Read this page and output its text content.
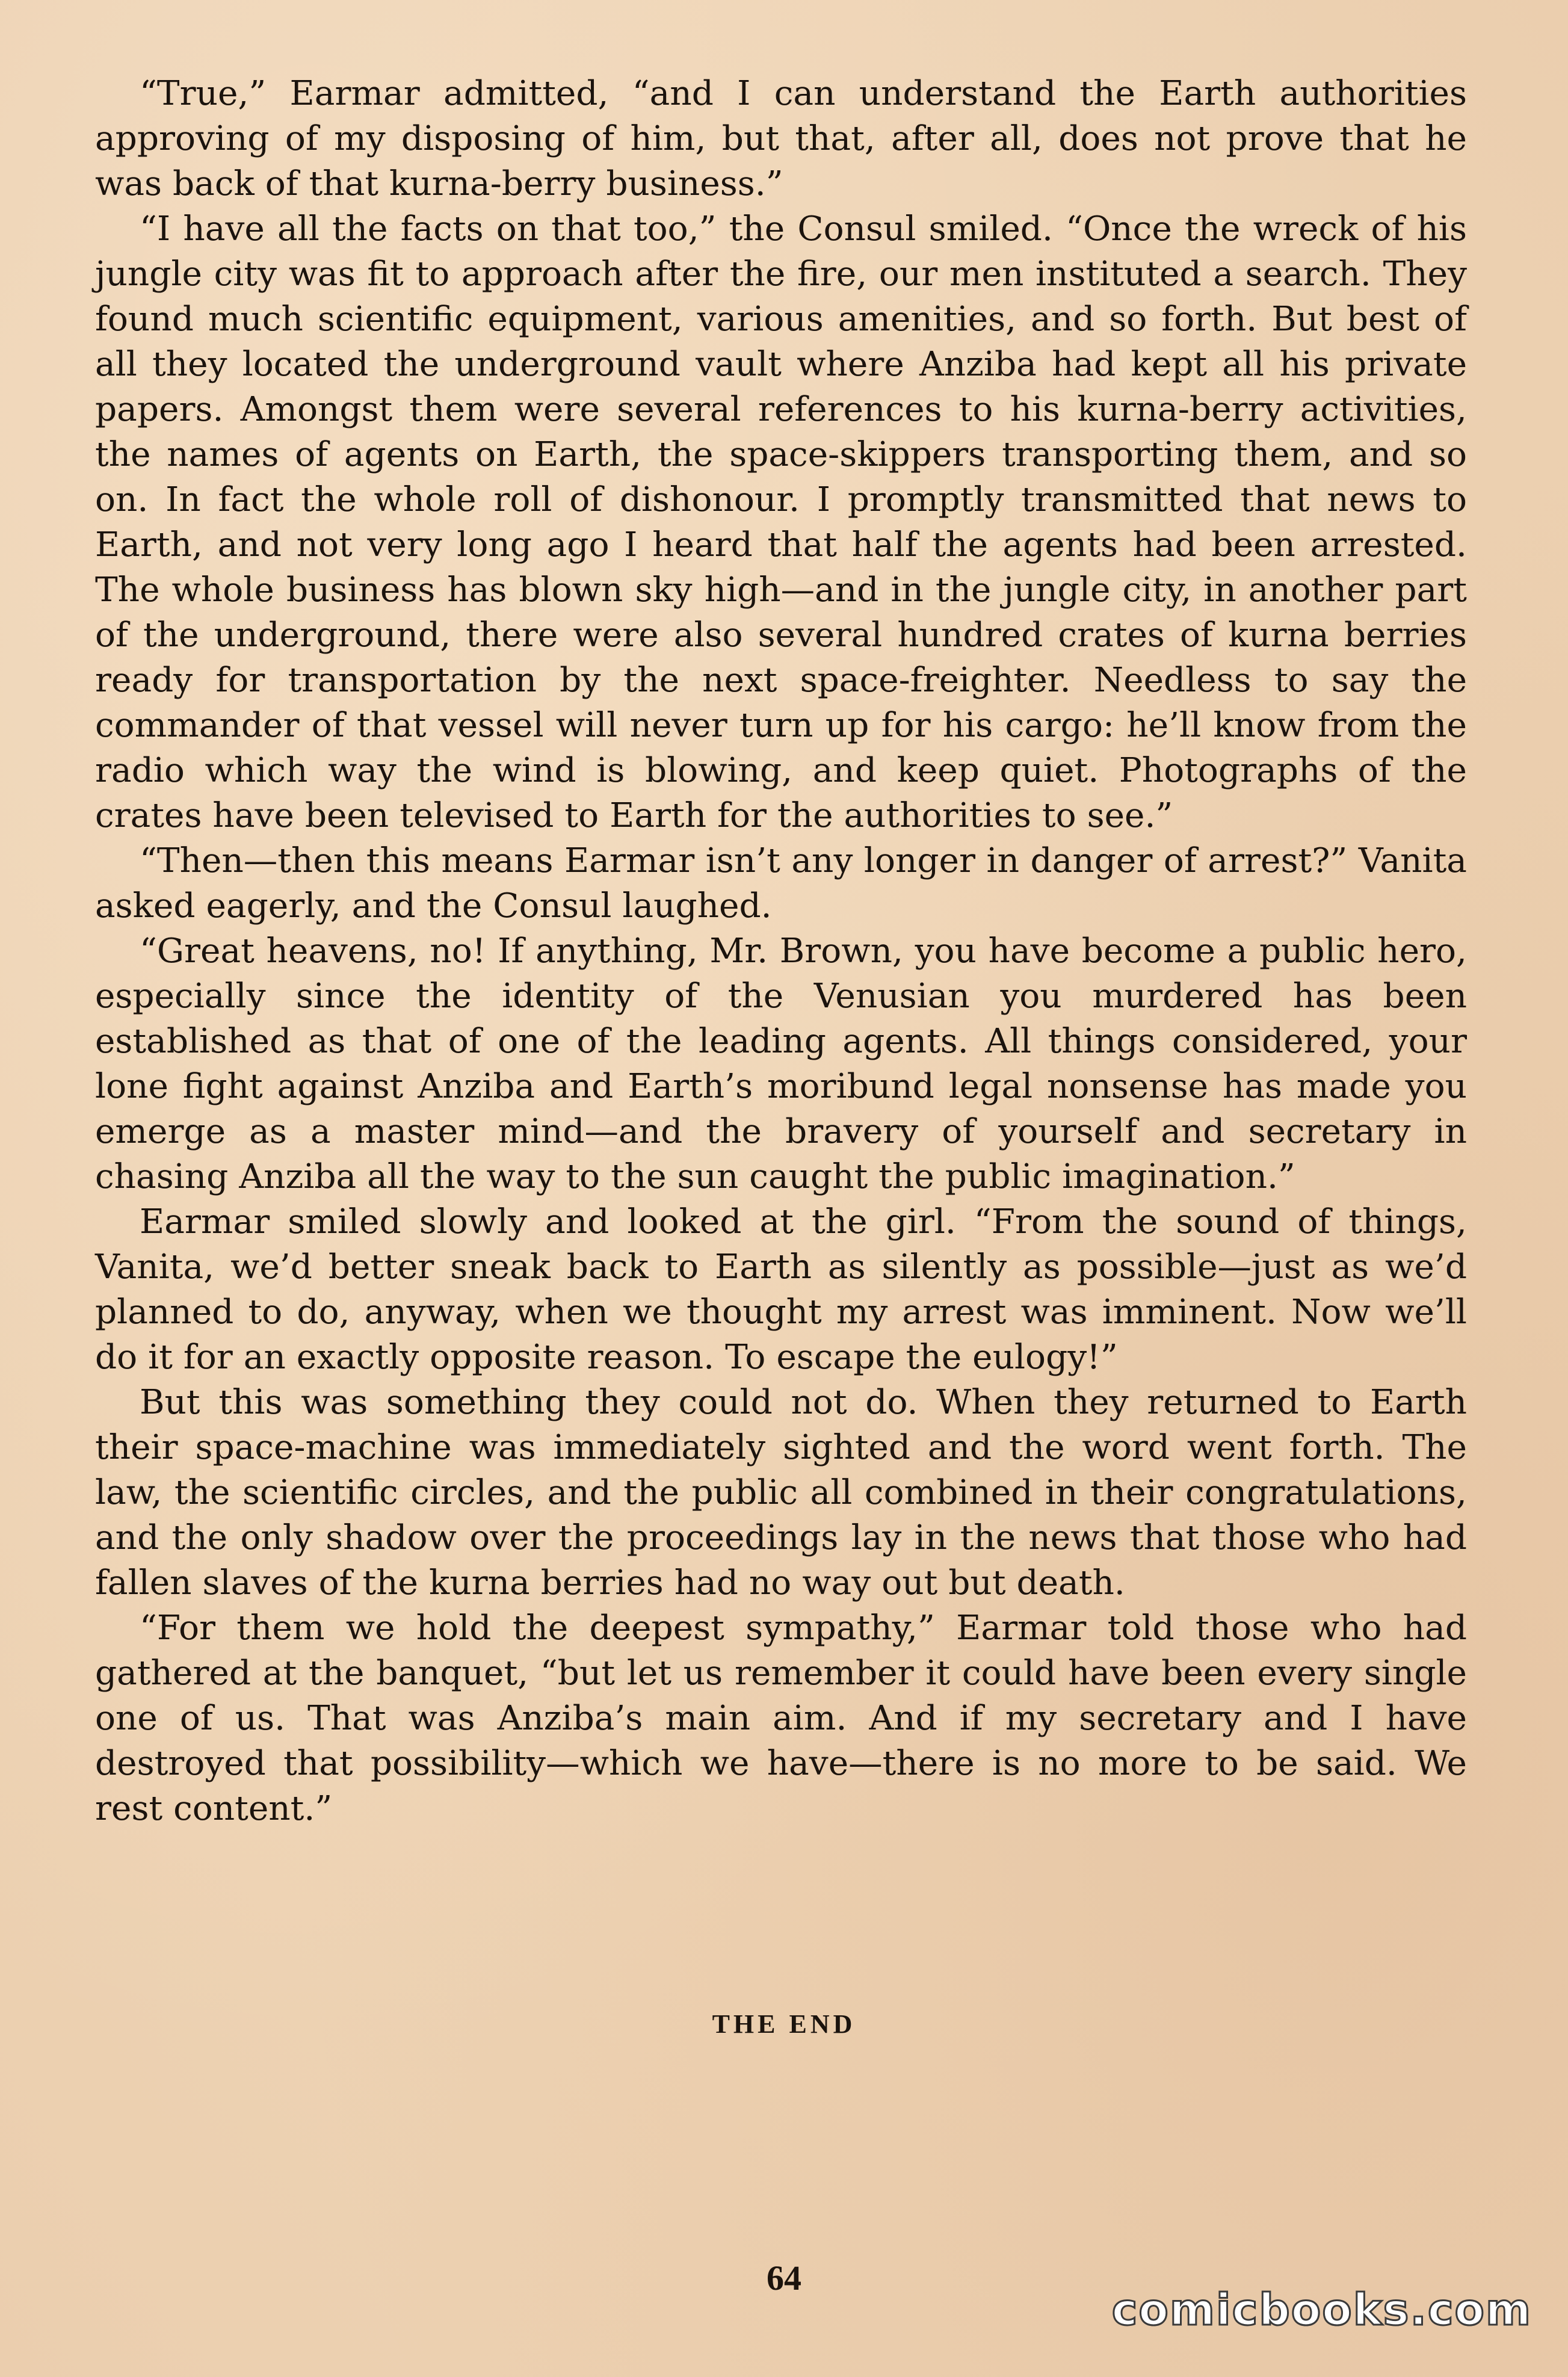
“True,” Earmar admitted, “and I can understand the Earth authorities approving of my disposing of him, but that, after all, does not prove that he was back of that kurna-berry business.”

“I have all the facts on that too,” the Consul smiled. “Once the wreck of his jungle city was fit to approach after the fire, our men instituted a search. They found much scientific equipment, various amenities, and so forth. But best of all they located the underground vault where Anziba had kept all his private papers. Amongst them were several references to his kurna-berry activities, the names of agents on Earth, the space-skippers transporting them, and so on. In fact the whole roll of dishonour. I promptly transmitted that news to Earth, and not very long ago I heard that half the agents had been arrested. The whole business has blown sky high—and in the jungle city, in another part of the underground, there were also several hundred crates of kurna berries ready for transportation by the next space-freighter. Needless to say the commander of that vessel will never turn up for his cargo: he’ll know from the radio which way the wind is blowing, and keep quiet. Photographs of the crates have been televised to Earth for the authorities to see.”

“Then—then this means Earmar isn’t any longer in danger of arrest?” Vanita asked eagerly, and the Consul laughed.

“Great heavens, no! If anything, Mr. Brown, you have become a public hero, especially since the identity of the Venusian you murdered has been established as that of one of the leading agents. All things considered, your lone fight against Anziba and Earth’s moribund legal nonsense has made you emerge as a master mind—and the bravery of yourself and secretary in chasing Anziba all the way to the sun caught the public imagination.”

Earmar smiled slowly and looked at the girl. “From the sound of things, Vanita, we’d better sneak back to Earth as silently as possible—just as we’d planned to do, anyway, when we thought my arrest was imminent. Now we’ll do it for an exactly opposite reason. To escape the eulogy!”

But this was something they could not do. When they returned to Earth their space-machine was immediately sighted and the word went forth. The law, the scientific circles, and the public all combined in their congratulations, and the only shadow over the proceedings lay in the news that those who had fallen slaves of the kurna berries had no way out but death.

“For them we hold the deepest sympathy,” Earmar told those who had gathered at the banquet, “but let us remember it could have been every single one of us. That was Anziba’s main aim. And if my secretary and I have destroyed that possibility—which we have—there is no more to be said. We rest content.”

THE END
64
comicbooks.com
